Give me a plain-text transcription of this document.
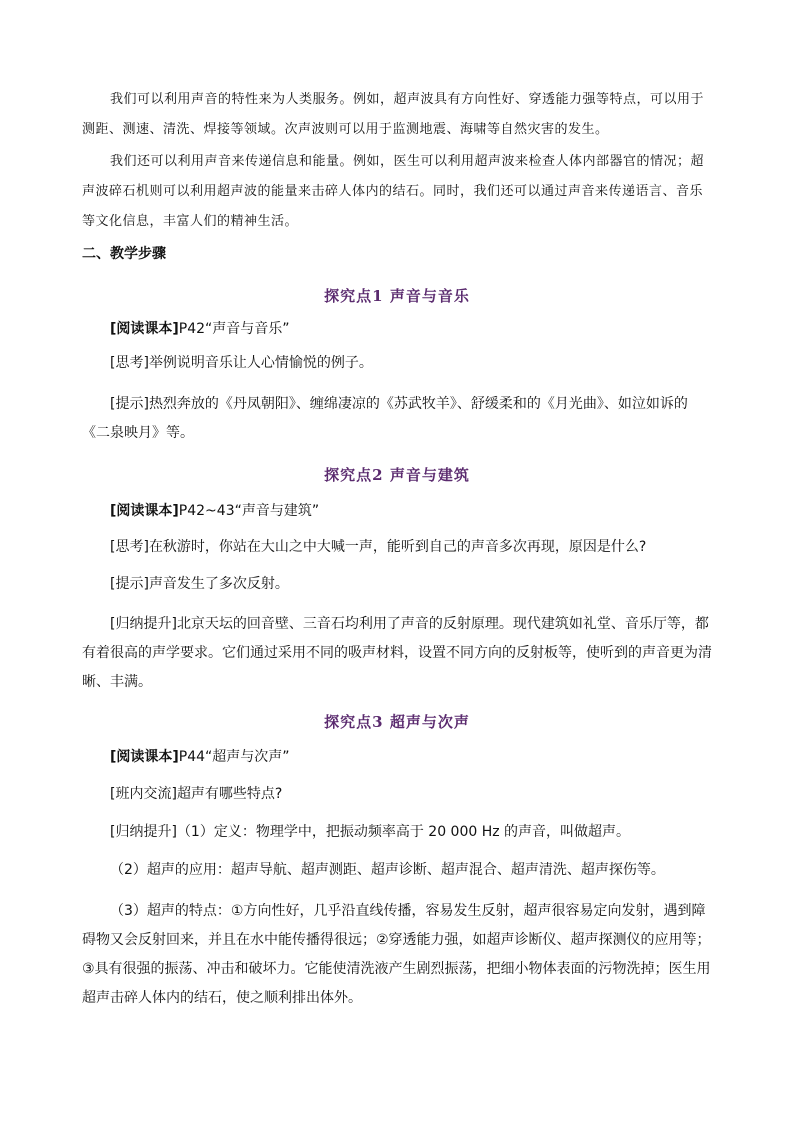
我们可以利用声音的特性来为人类服务。例如，超声波具有方向性好、穿透能力强等特点，可以用于测距、测速、清洗、焊接等领域。次声波则可以用于监测地震、海啸等自然灾害的发生。

我们还可以利用声音来传递信息和能量。例如，医生可以利用超声波来检查人体内部器官的情况；超声波碎石机则可以利用超声波的能量来击碎人体内的结石。同时，我们还可以通过声音来传递语言、音乐等文化信息，丰富人们的精神生活。

二、教学步骤

探究点1 声音与音乐

[阅读课本]P42“声音与音乐”

[思考]举例说明音乐让人心情愉悦的例子。

[提示]热烈奔放的《丹凤朝阳》、缠绵凄凉的《苏武牧羊》、舒缓柔和的《月光曲》、如泣如诉的《二泉映月》等。

探究点2 声音与建筑

[阅读课本]P42~43“声音与建筑”

[思考]在秋游时，你站在大山之中大喊一声，能听到自己的声音多次再现，原因是什么?

[提示]声音发生了多次反射。

[归纳提升]北京天坛的回音壁、三音石均利用了声音的反射原理。现代建筑如礼堂、音乐厅等，都有着很高的声学要求。它们通过采用不同的吸声材料，设置不同方向的反射板等，使听到的声音更为清晰、丰满。

探究点3 超声与次声

[阅读课本]P44“超声与次声”

[班内交流]超声有哪些特点?

[归纳提升]（1）定义：物理学中，把振动频率高于 20 000 Hz 的声音，叫做超声。

（2）超声的应用：超声导航、超声测距、超声诊断、超声混合、超声清洗、超声探伤等。

（3）超声的特点：①方向性好，几乎沿直线传播，容易发生反射，超声很容易定向发射，遇到障碍物又会反射回来，并且在水中能传播得很远；②穿透能力强，如超声诊断仪、超声探测仪的应用等；③具有很强的振荡、冲击和破坏力。它能使清洗液产生剧烈振荡，把细小物体表面的污物洗掉；医生用超声击碎人体内的结石，使之顺利排出体外。
